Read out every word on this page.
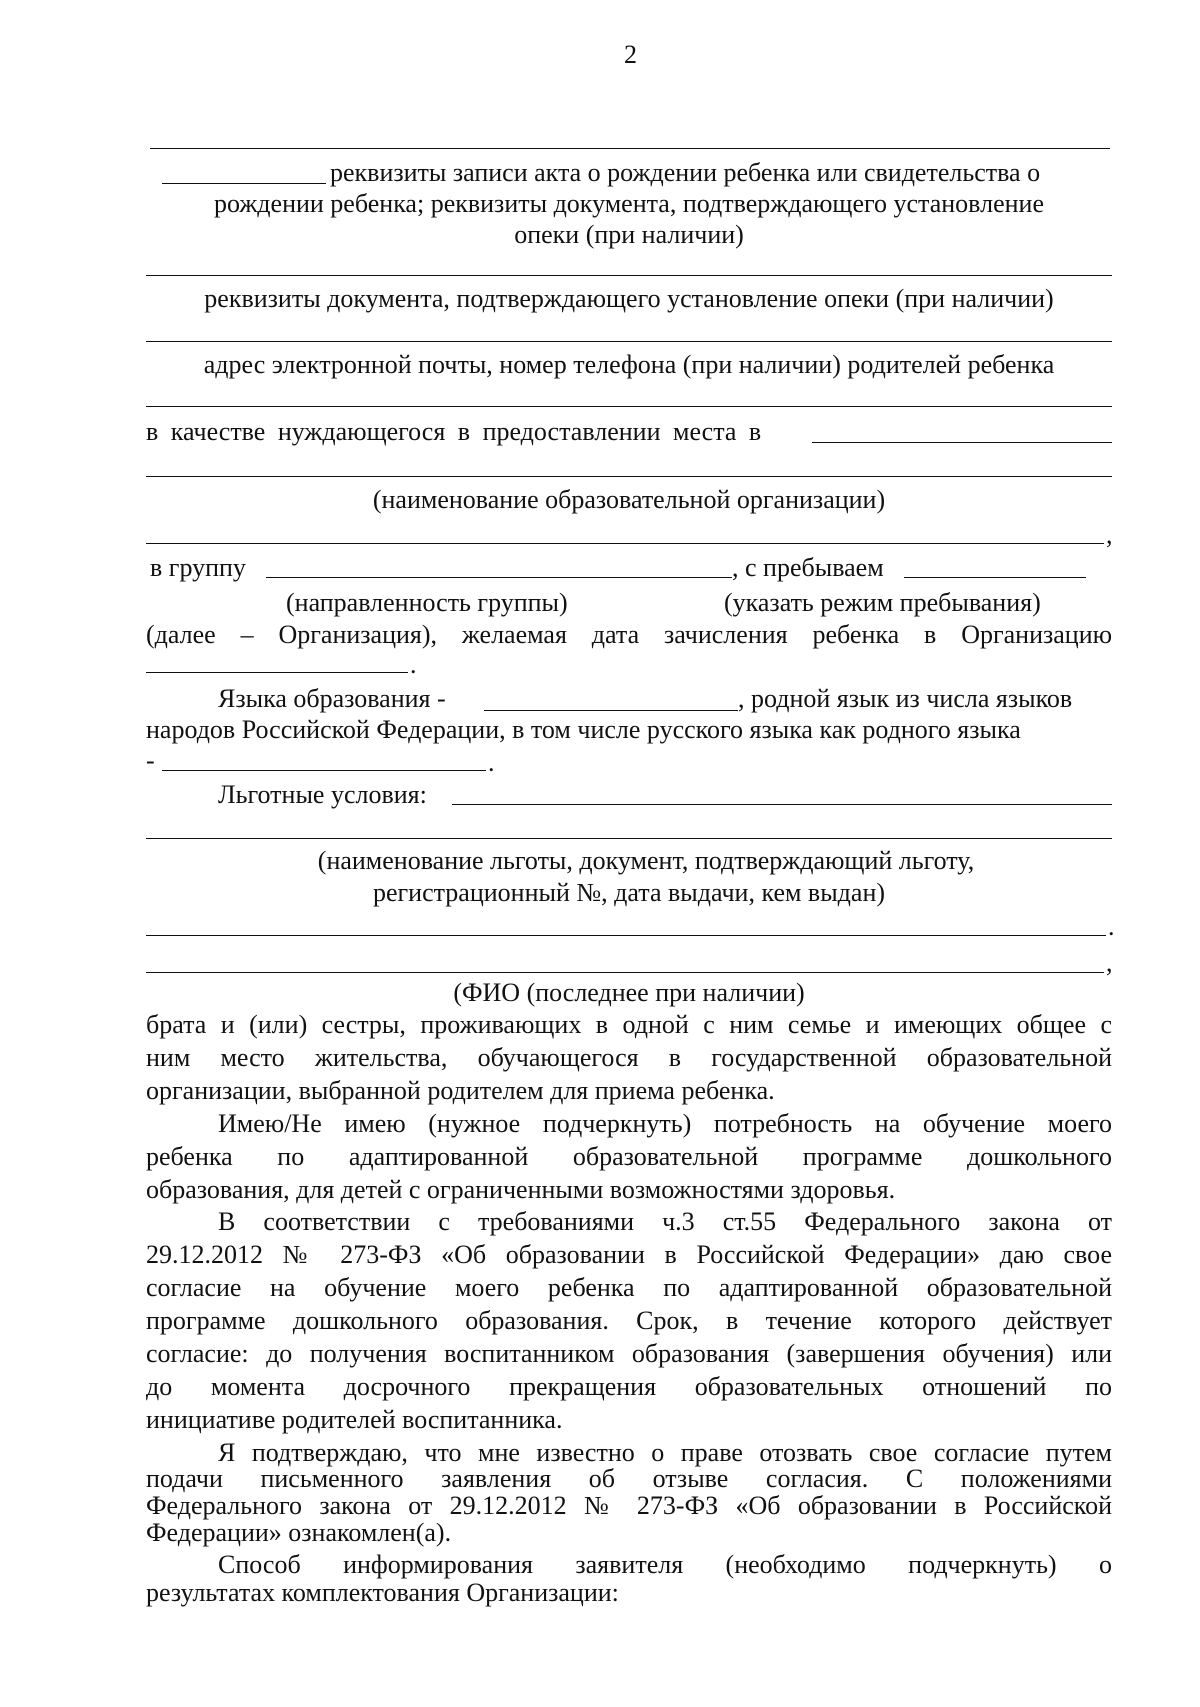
2
реквизиты записи акта о рождении ребенка или свидетельства о
рождении ребенка; реквизиты документа, подтверждающего установление
опеки (при наличии)
реквизиты документа, подтверждающего установление опеки (при наличии)
адрес электронной почты, номер телефона (при наличии) родителей ребенка
в качестве нуждающегося в предоставлении места в
(наименование образовательной организации)
,
в группу	, с пребываем
(направленность группы)	(указать режим пребывания)
(далее – Организация), желаемая дата зачисления ребенка в Организацию
.
Языка образования -	, родной язык из числа языков
народов Российской Федерации, в том числе русского языка как родного языка
-	.
Льготные условия:
(наименование льготы, документ, подтверждающий льготу,
регистрационный №, дата выдачи, кем выдан)
.
,
(ФИО (последнее при наличии)
брата и (или) сестры, проживающих в одной с ним семье и имеющих общее с
ним место жительства, обучающегося в государственной образовательной
организации, выбранной родителем для приема ребенка.
Имею/Не имею (нужное подчеркнуть) потребность на обучение моего
ребенка по адаптированной образовательной программе дошкольного
образования, для детей с ограниченными возможностями здоровья.
В соответствии с требованиями ч.3 ст.55 Федерального закона от
29.12.2012 № 273-ФЗ «Об образовании в Российской Федерации» даю свое
согласие на обучение моего ребенка по адаптированной образовательной
программе дошкольного образования. Срок, в течение которого действует
согласие: до получения воспитанником образования (завершения обучения) или
до момента досрочного прекращения образовательных отношений по
инициативе родителей воспитанника.
Я подтверждаю, что мне известно о праве отозвать свое согласие путем
подачи письменного заявления об отзыве согласия. С положениями
Федерального закона от 29.12.2012 № 273-ФЗ «Об образовании в Российской
Федерации» ознакомлен(а).
Способ информирования заявителя (необходимо подчеркнуть) о
результатах комплектования Организации:
